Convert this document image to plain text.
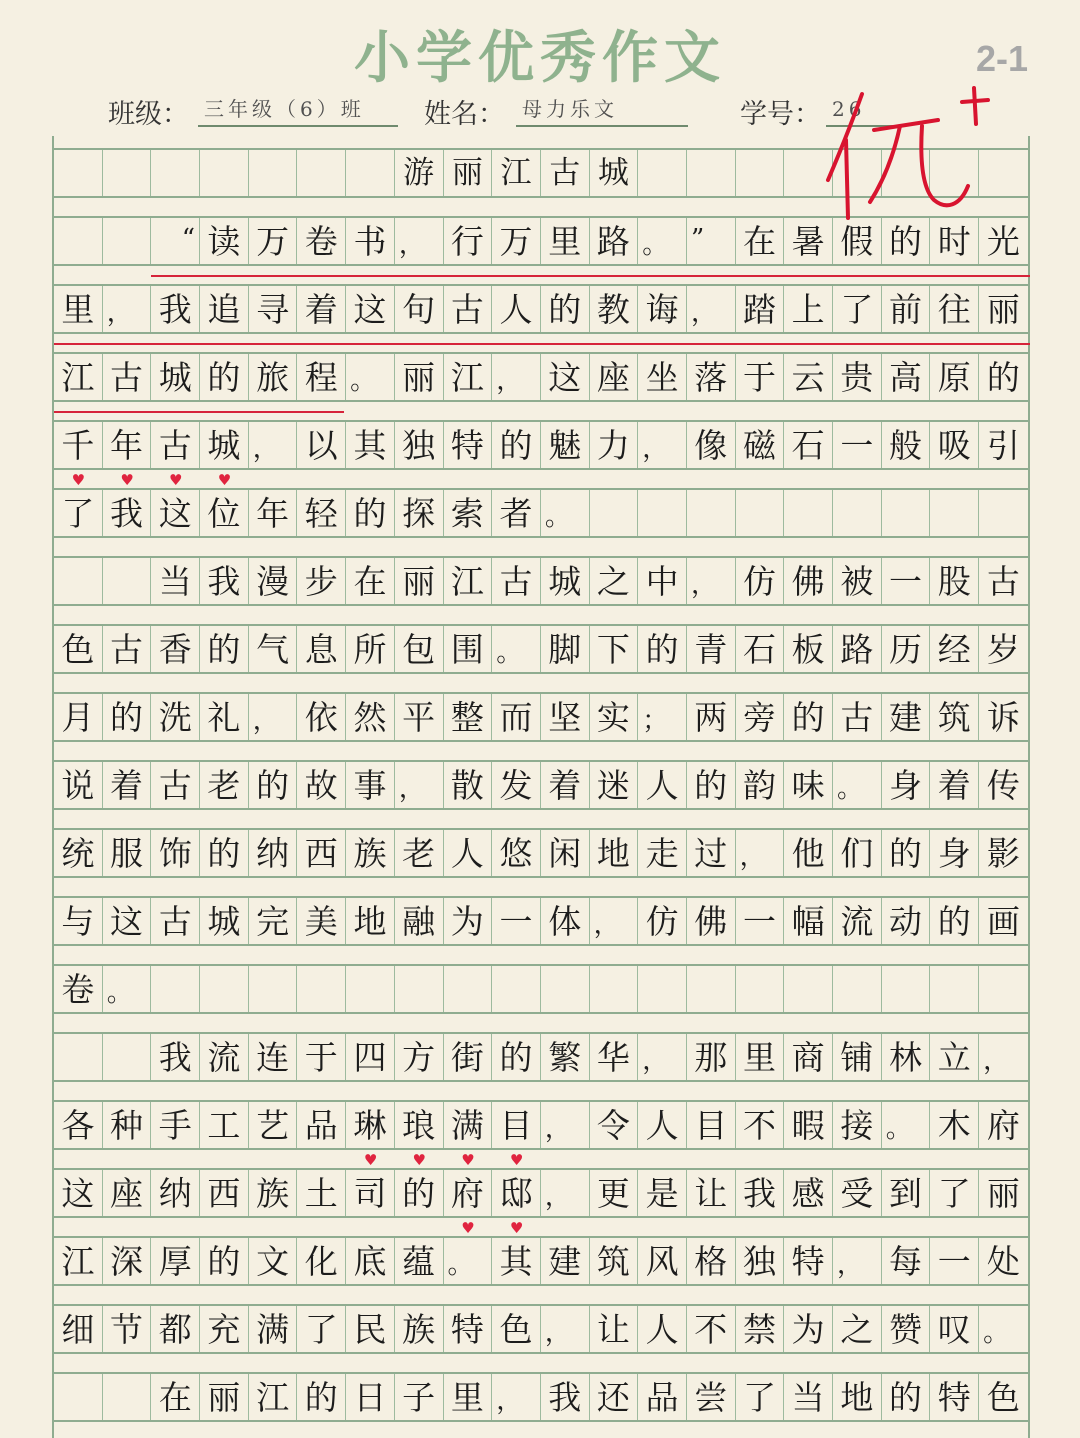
小学优秀作文	2-1
班级： 三年级（6）班	姓名： 母力乐文	学号： 26
游 丽 江 古 城
“ 读 万 卷 书 ， 行 万 里 路 。 ”	在 暑 假 的 时 光
里 ， 我 追 寻 着 这 句 古 人 的 教 诲 ， 踏 上 了 前 往 丽
江 古 城 的 旅 程 。 丽 江 ， 这 座 坐 落 于 云 贵 高 原 的
千 年 古 城 ， 以 其 独 特 的 魅 力 ， 像 磁 石 一 般 吸 引
了 我 这 位 年 轻 的 探 索 者 。
当 我 漫 步 在 丽 江 古 城 之 中 ， 仿 佛 被 一 股 古
色 古 香 的 气 息 所 包 围 。 脚 下 的 青 石 板 路 历 经 岁
月 的 洗 礼 ， 依 然 平 整 而 坚 实 ； 两 旁 的 古 建 筑 诉
说 着 古 老 的 故 事 ， 散 发 着 迷 人 的 韵 味 。 身 着 传
统 服 饰 的 纳 西 族 老 人 悠 闲 地 走 过 ， 他 们 的 身 影
与 这 古 城 完 美 地 融 为 一 体 ， 仿 佛 一 幅 流 动 的 画
卷 。
我 流 连 于 四 方 街 的 繁 华 ， 那 里 商 铺 林 立 ，
各 种 手 工 艺 品 琳 琅 满 目 ， 令 人 目 不 暇 接 。 木 府
这 座 纳 西 族 土 司 的 府 邸 ， 更 是 让 我 感 受 到 了 丽
江 深 厚 的 文 化 底 蕴 。 其 建 筑 风 格 独 特 ， 每 一 处
细 节 都 充 满 了 民 族 特 色 ， 让 人 不 禁 为 之 赞 叹 。
在 丽 江 的 日 子 里 ， 我 还 品 尝 了 当 地 的 特 色
♥ ♥ ♥ ♥
♥ ♥ ♥ ♥
♥ ♥
